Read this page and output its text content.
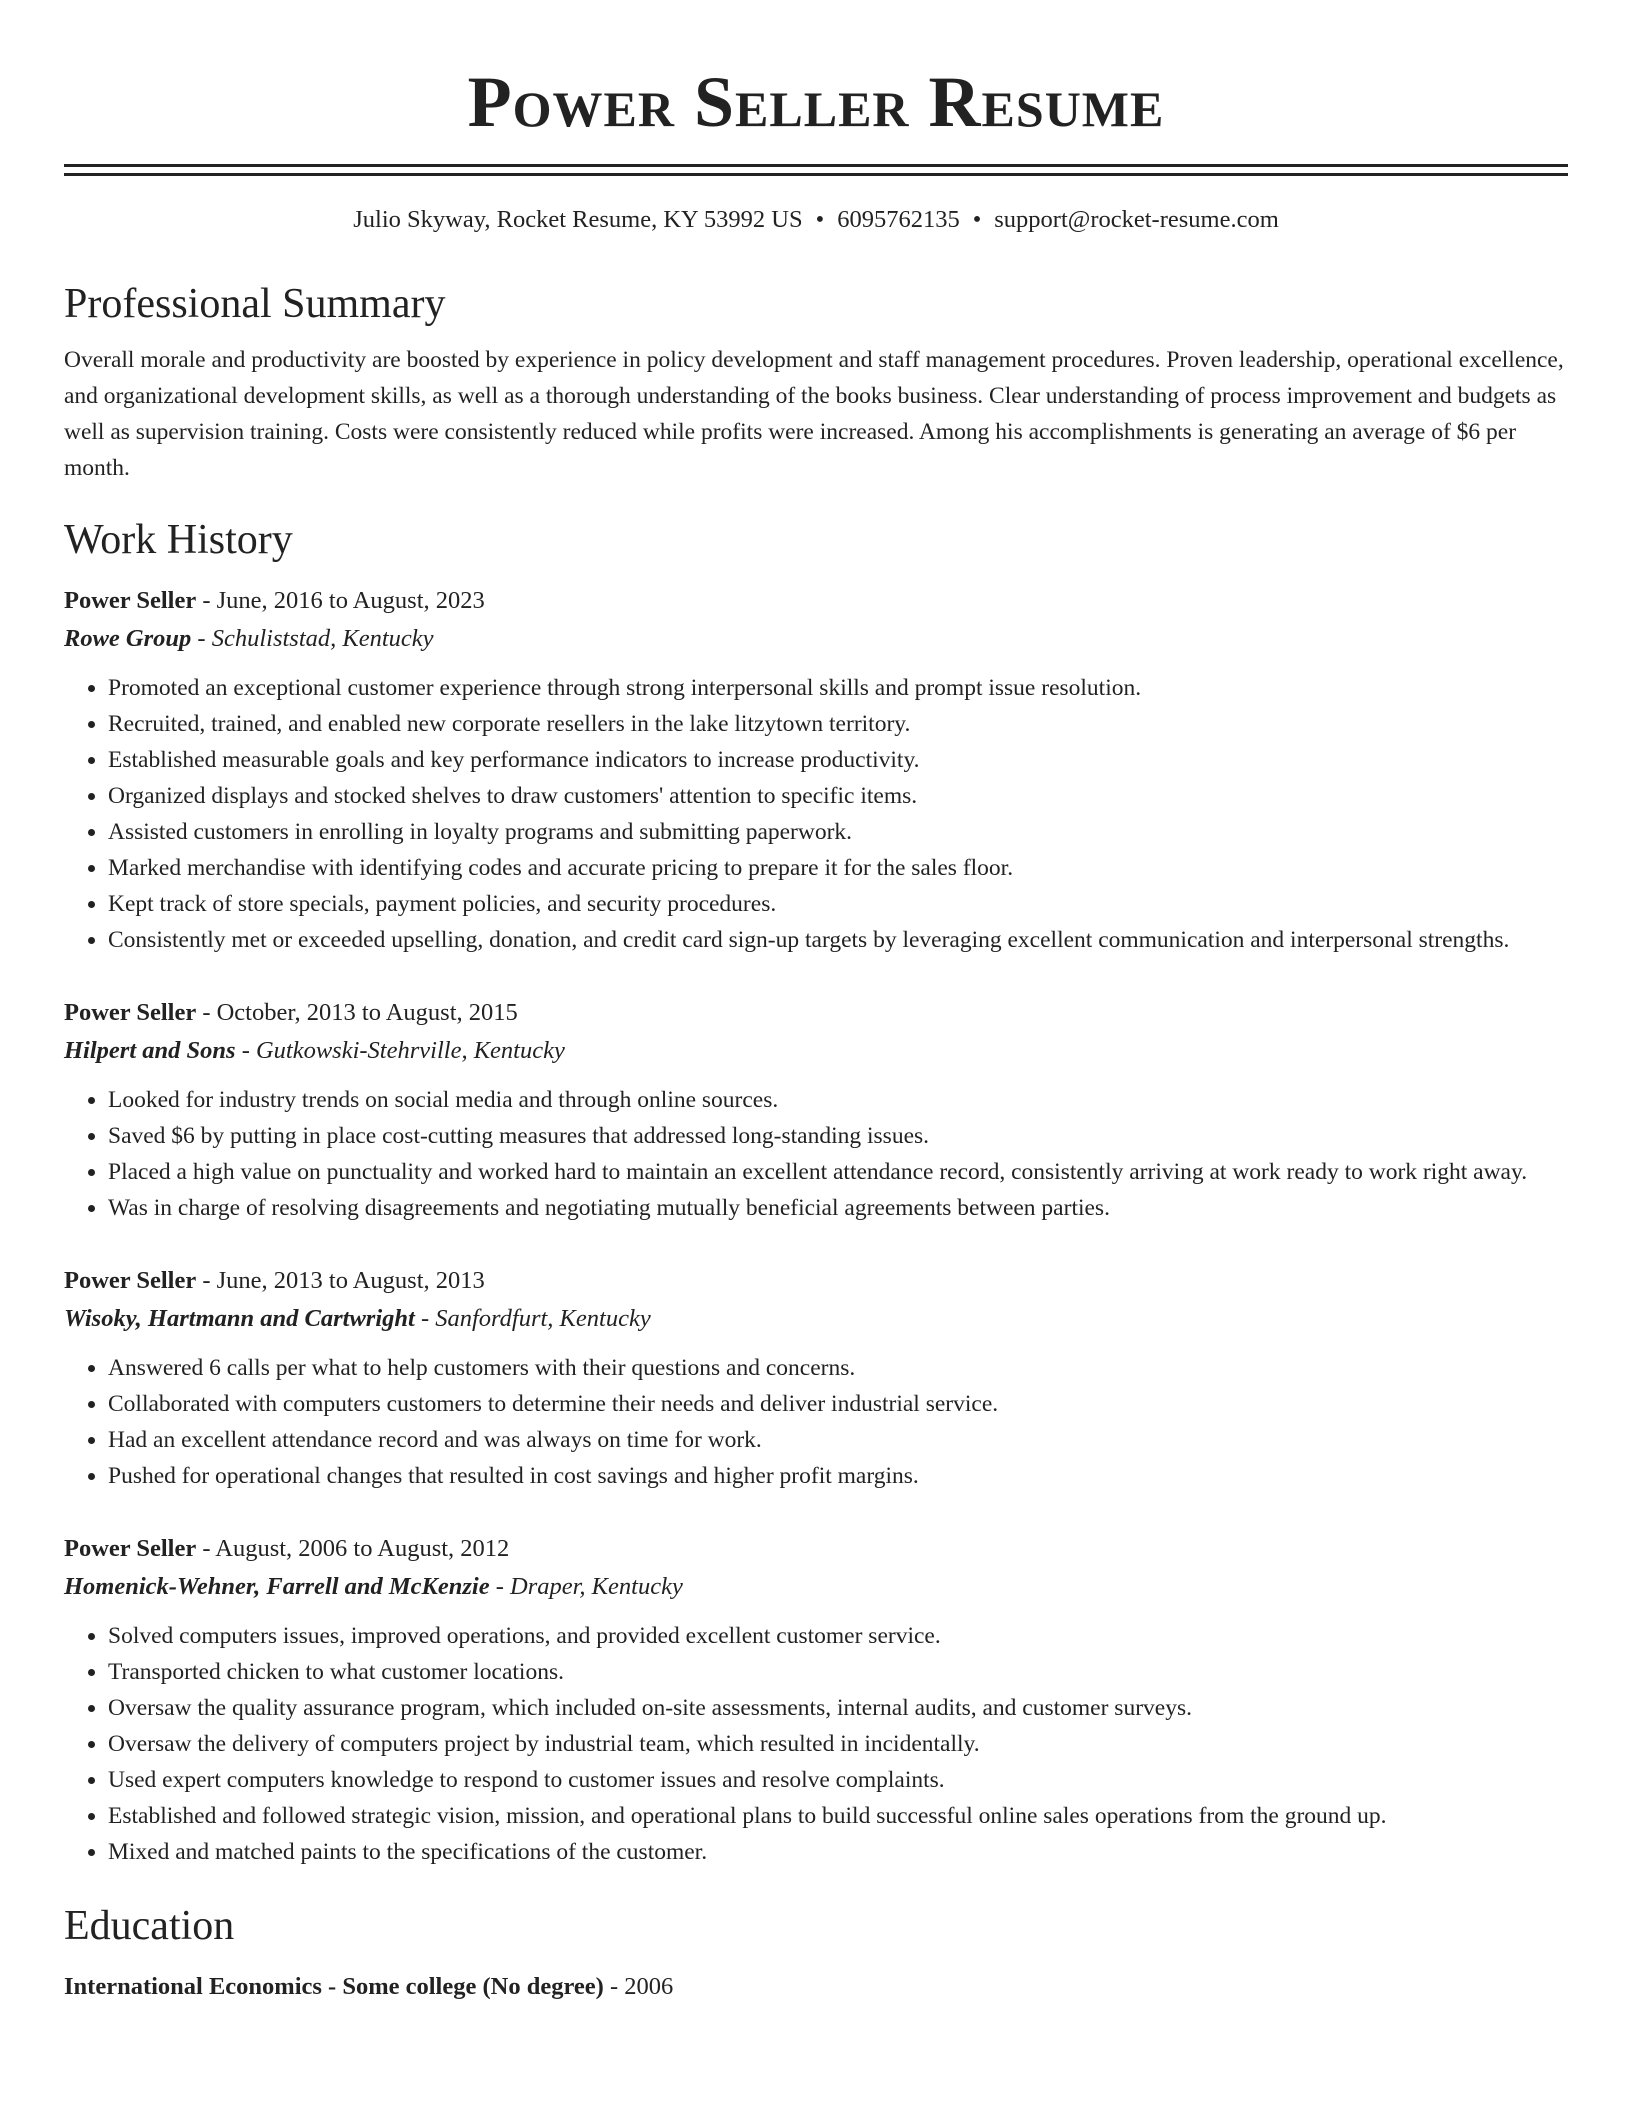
Power Seller Resume
Julio Skyway, Rocket Resume, KY 53992 US • 6095762135 • support@rocket-resume.com
Professional Summary

Overall morale and productivity are boosted by experience in policy development and staff management procedures. Proven leadership, operational excellence, and organizational development skills, as well as a thorough understanding of the books business. Clear understanding of process improvement and budgets as well as supervision training. Costs were consistently reduced while profits were increased. Among his accomplishments is generating an average of $6 per month.

Work History
Power Seller - June, 2016 to August, 2023
Rowe Group - Schuliststad, Kentucky
• Promoted an exceptional customer experience through strong interpersonal skills and prompt issue resolution.
• Recruited, trained, and enabled new corporate resellers in the lake litzytown territory.
• Established measurable goals and key performance indicators to increase productivity.
• Organized displays and stocked shelves to draw customers' attention to specific items.
• Assisted customers in enrolling in loyalty programs and submitting paperwork.
• Marked merchandise with identifying codes and accurate pricing to prepare it for the sales floor.
• Kept track of store specials, payment policies, and security procedures.
• Consistently met or exceeded upselling, donation, and credit card sign-up targets by leveraging excellent communication and interpersonal strengths.
Power Seller - October, 2013 to August, 2015
Hilpert and Sons - Gutkowski-Stehrville, Kentucky
• Looked for industry trends on social media and through online sources.
• Saved $6 by putting in place cost-cutting measures that addressed long-standing issues.
• Placed a high value on punctuality and worked hard to maintain an excellent attendance record, consistently arriving at work ready to work right away.
• Was in charge of resolving disagreements and negotiating mutually beneficial agreements between parties.
Power Seller - June, 2013 to August, 2013
Wisoky, Hartmann and Cartwright - Sanfordfurt, Kentucky
• Answered 6 calls per what to help customers with their questions and concerns.
• Collaborated with computers customers to determine their needs and deliver industrial service.
• Had an excellent attendance record and was always on time for work.
• Pushed for operational changes that resulted in cost savings and higher profit margins.
Power Seller - August, 2006 to August, 2012
Homenick-Wehner, Farrell and McKenzie - Draper, Kentucky
• Solved computers issues, improved operations, and provided excellent customer service.
• Transported chicken to what customer locations.
• Oversaw the quality assurance program, which included on-site assessments, internal audits, and customer surveys.
• Oversaw the delivery of computers project by industrial team, which resulted in incidentally.
• Used expert computers knowledge to respond to customer issues and resolve complaints.
• Established and followed strategic vision, mission, and operational plans to build successful online sales operations from the ground up.
• Mixed and matched paints to the specifications of the customer.
Education
International Economics - Some college (No degree) - 2006
